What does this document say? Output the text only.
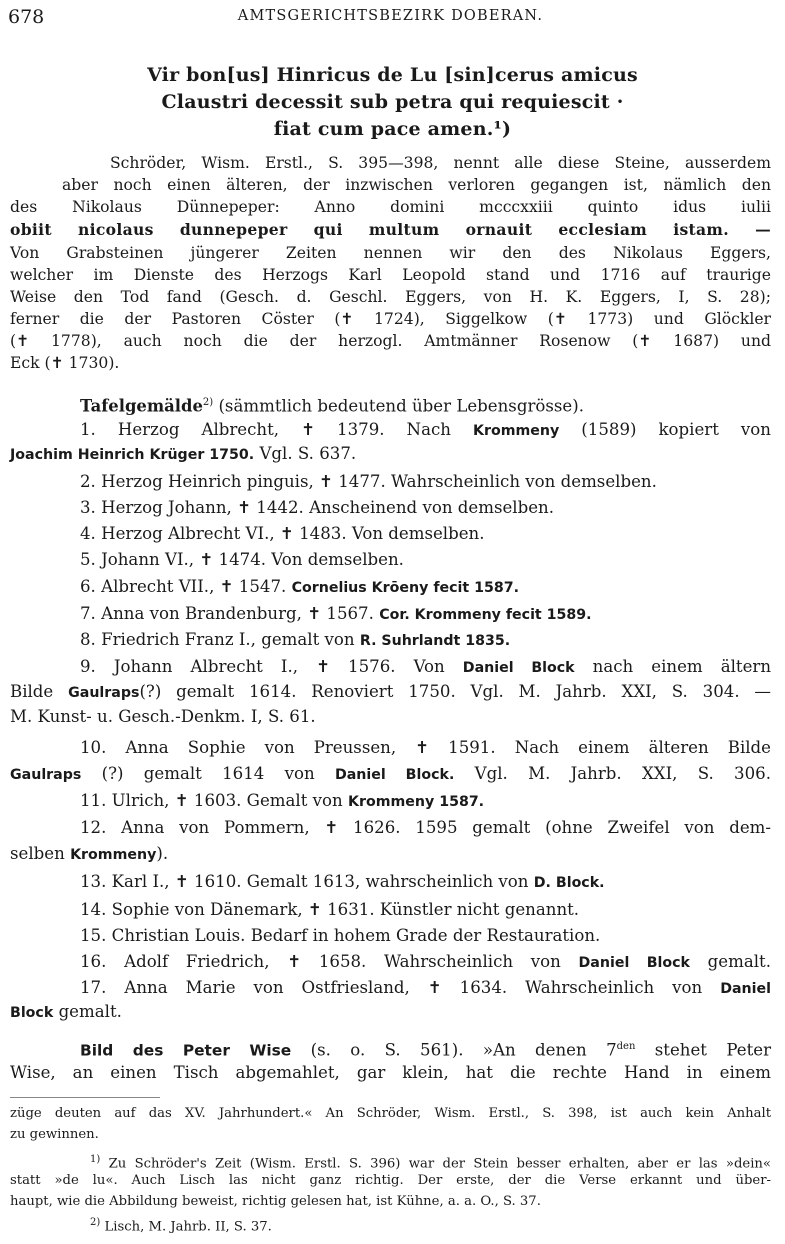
678	AMTSGERICHTSBEZIRK DOBERAN.
Vir bon[us] Hinricus de Lu [sin]cerus amicus
Claustri decessit sub petra qui requiescit ·
fiat cum pace amen.¹)
Schröder, Wism. Erstl., S. 395—398, nennt alle diese Steine, ausserdem
aber noch einen älteren, der inzwischen verloren gegangen ist, nämlich den
des Nikolaus Dünnepeper: Anno domini mcccxxiii quinto idus iulii
obiit nicolaus dunnepeper qui multum ornauit ecclesiam istam. —
Von Grabsteinen jüngerer Zeiten nennen wir den des Nikolaus Eggers,
welcher im Dienste des Herzogs Karl Leopold stand und 1716 auf traurige
Weise den Tod fand (Gesch. d. Geschl. Eggers, von H. K. Eggers, I, S. 28);
ferner die der Pastoren Cöster (✝ 1724), Siggelkow (✝ 1773) und Glöckler
(✝ 1778), auch noch die der herzogl. Amtmänner Rosenow (✝ 1687) und
Eck (✝ 1730).
Tafelgemälde$^{2)}$ (sämmtlich bedeutend über Lebensgrösse).
1. Herzog Albrecht, ✝ 1379. Nach Krommeny (1589) kopiert von
Joachim Heinrich Krüger 1750. Vgl. S. 637.
2. Herzog Heinrich pinguis, ✝ 1477. Wahrscheinlich von demselben.
3. Herzog Johann, ✝ 1442. Anscheinend von demselben.
4. Herzog Albrecht VI., ✝ 1483. Von demselben.
5. Johann VI., ✝ 1474. Von demselben.
6. Albrecht VII., ✝ 1547. Cornelius Krōeny fecit 1587.
7. Anna von Brandenburg, ✝ 1567. Cor. Krommeny fecit 1589.
8. Friedrich Franz I., gemalt von R. Suhrlandt 1835.
9. Johann Albrecht I., ✝ 1576. Von Daniel Block nach einem ältern
Bilde Gaulraps(?) gemalt 1614. Renoviert 1750. Vgl. M. Jahrb. XXI, S. 304. —
M. Kunst- u. Gesch.-Denkm. I, S. 61.
10. Anna Sophie von Preussen, ✝ 1591. Nach einem älteren Bilde
Gaulraps (?) gemalt 1614 von Daniel Block. Vgl. M. Jahrb. XXI, S. 306.
11. Ulrich, ✝ 1603. Gemalt von Krommeny 1587.
12. Anna von Pommern, ✝ 1626. 1595 gemalt (ohne Zweifel von dem-
selben Krommeny).
13. Karl I., ✝ 1610. Gemalt 1613, wahrscheinlich von D. Block.
14. Sophie von Dänemark, ✝ 1631. Künstler nicht genannt.
15. Christian Louis. Bedarf in hohem Grade der Restauration.
16. Adolf Friedrich, ✝ 1658. Wahrscheinlich von Daniel Block gemalt.
17. Anna Marie von Ostfriesland, ✝ 1634. Wahrscheinlich von Daniel
Block gemalt.
Bild des Peter Wise (s. o. S. 561). »An denen $7^{den}$ stehet Peter
Wise, an einen Tisch abgemahlet, gar klein, hat die rechte Hand in einem
züge deuten auf das XV. Jahrhundert.« An Schröder, Wism. Erstl., S. 398, ist auch kein Anhalt
zu gewinnen.
$^{1)}$ Zu Schröder's Zeit (Wism. Erstl. S. 396) war der Stein besser erhalten, aber er las »dein«
statt »de lu«. Auch Lisch las nicht ganz richtig. Der erste, der die Verse erkannt und über-
haupt, wie die Abbildung beweist, richtig gelesen hat, ist Kühne, a. a. O., S. 37.
$^{2)}$ Lisch, M. Jahrb. II, S. 37.
